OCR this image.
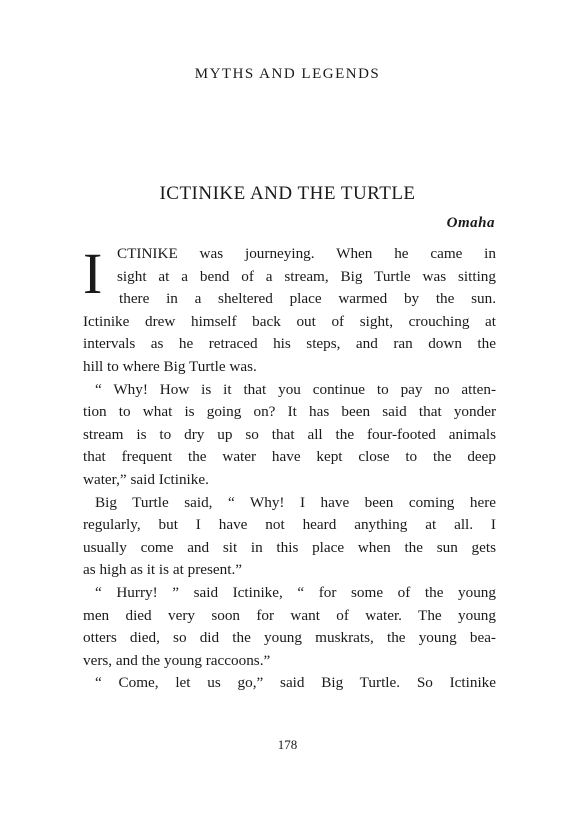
MYTHS AND LEGENDS
ICTINIKE AND THE TURTLE
Omaha
I CTINIKE was journeying. When he came in
sight at a bend of a stream, Big Turtle was sitting
there in a sheltered place warmed by the sun.
Ictinike drew himself back out of sight, crouching at
intervals as he retraced his steps, and ran down the
hill to where Big Turtle was.
“ Why! How is it that you continue to pay no atten-
tion to what is going on? It has been said that yonder
stream is to dry up so that all the four-footed animals
that frequent the water have kept close to the deep
water,” said Ictinike.
Big Turtle said, “ Why! I have been coming here
regularly, but I have not heard anything at all. I
usually come and sit in this place when the sun gets
as high as it is at present.”
“ Hurry! ” said Ictinike, “ for some of the young
men died very soon for want of water. The young
otters died, so did the young muskrats, the young bea-
vers, and the young raccoons.”
“ Come, let us go,” said Big Turtle. So Ictinike
178
